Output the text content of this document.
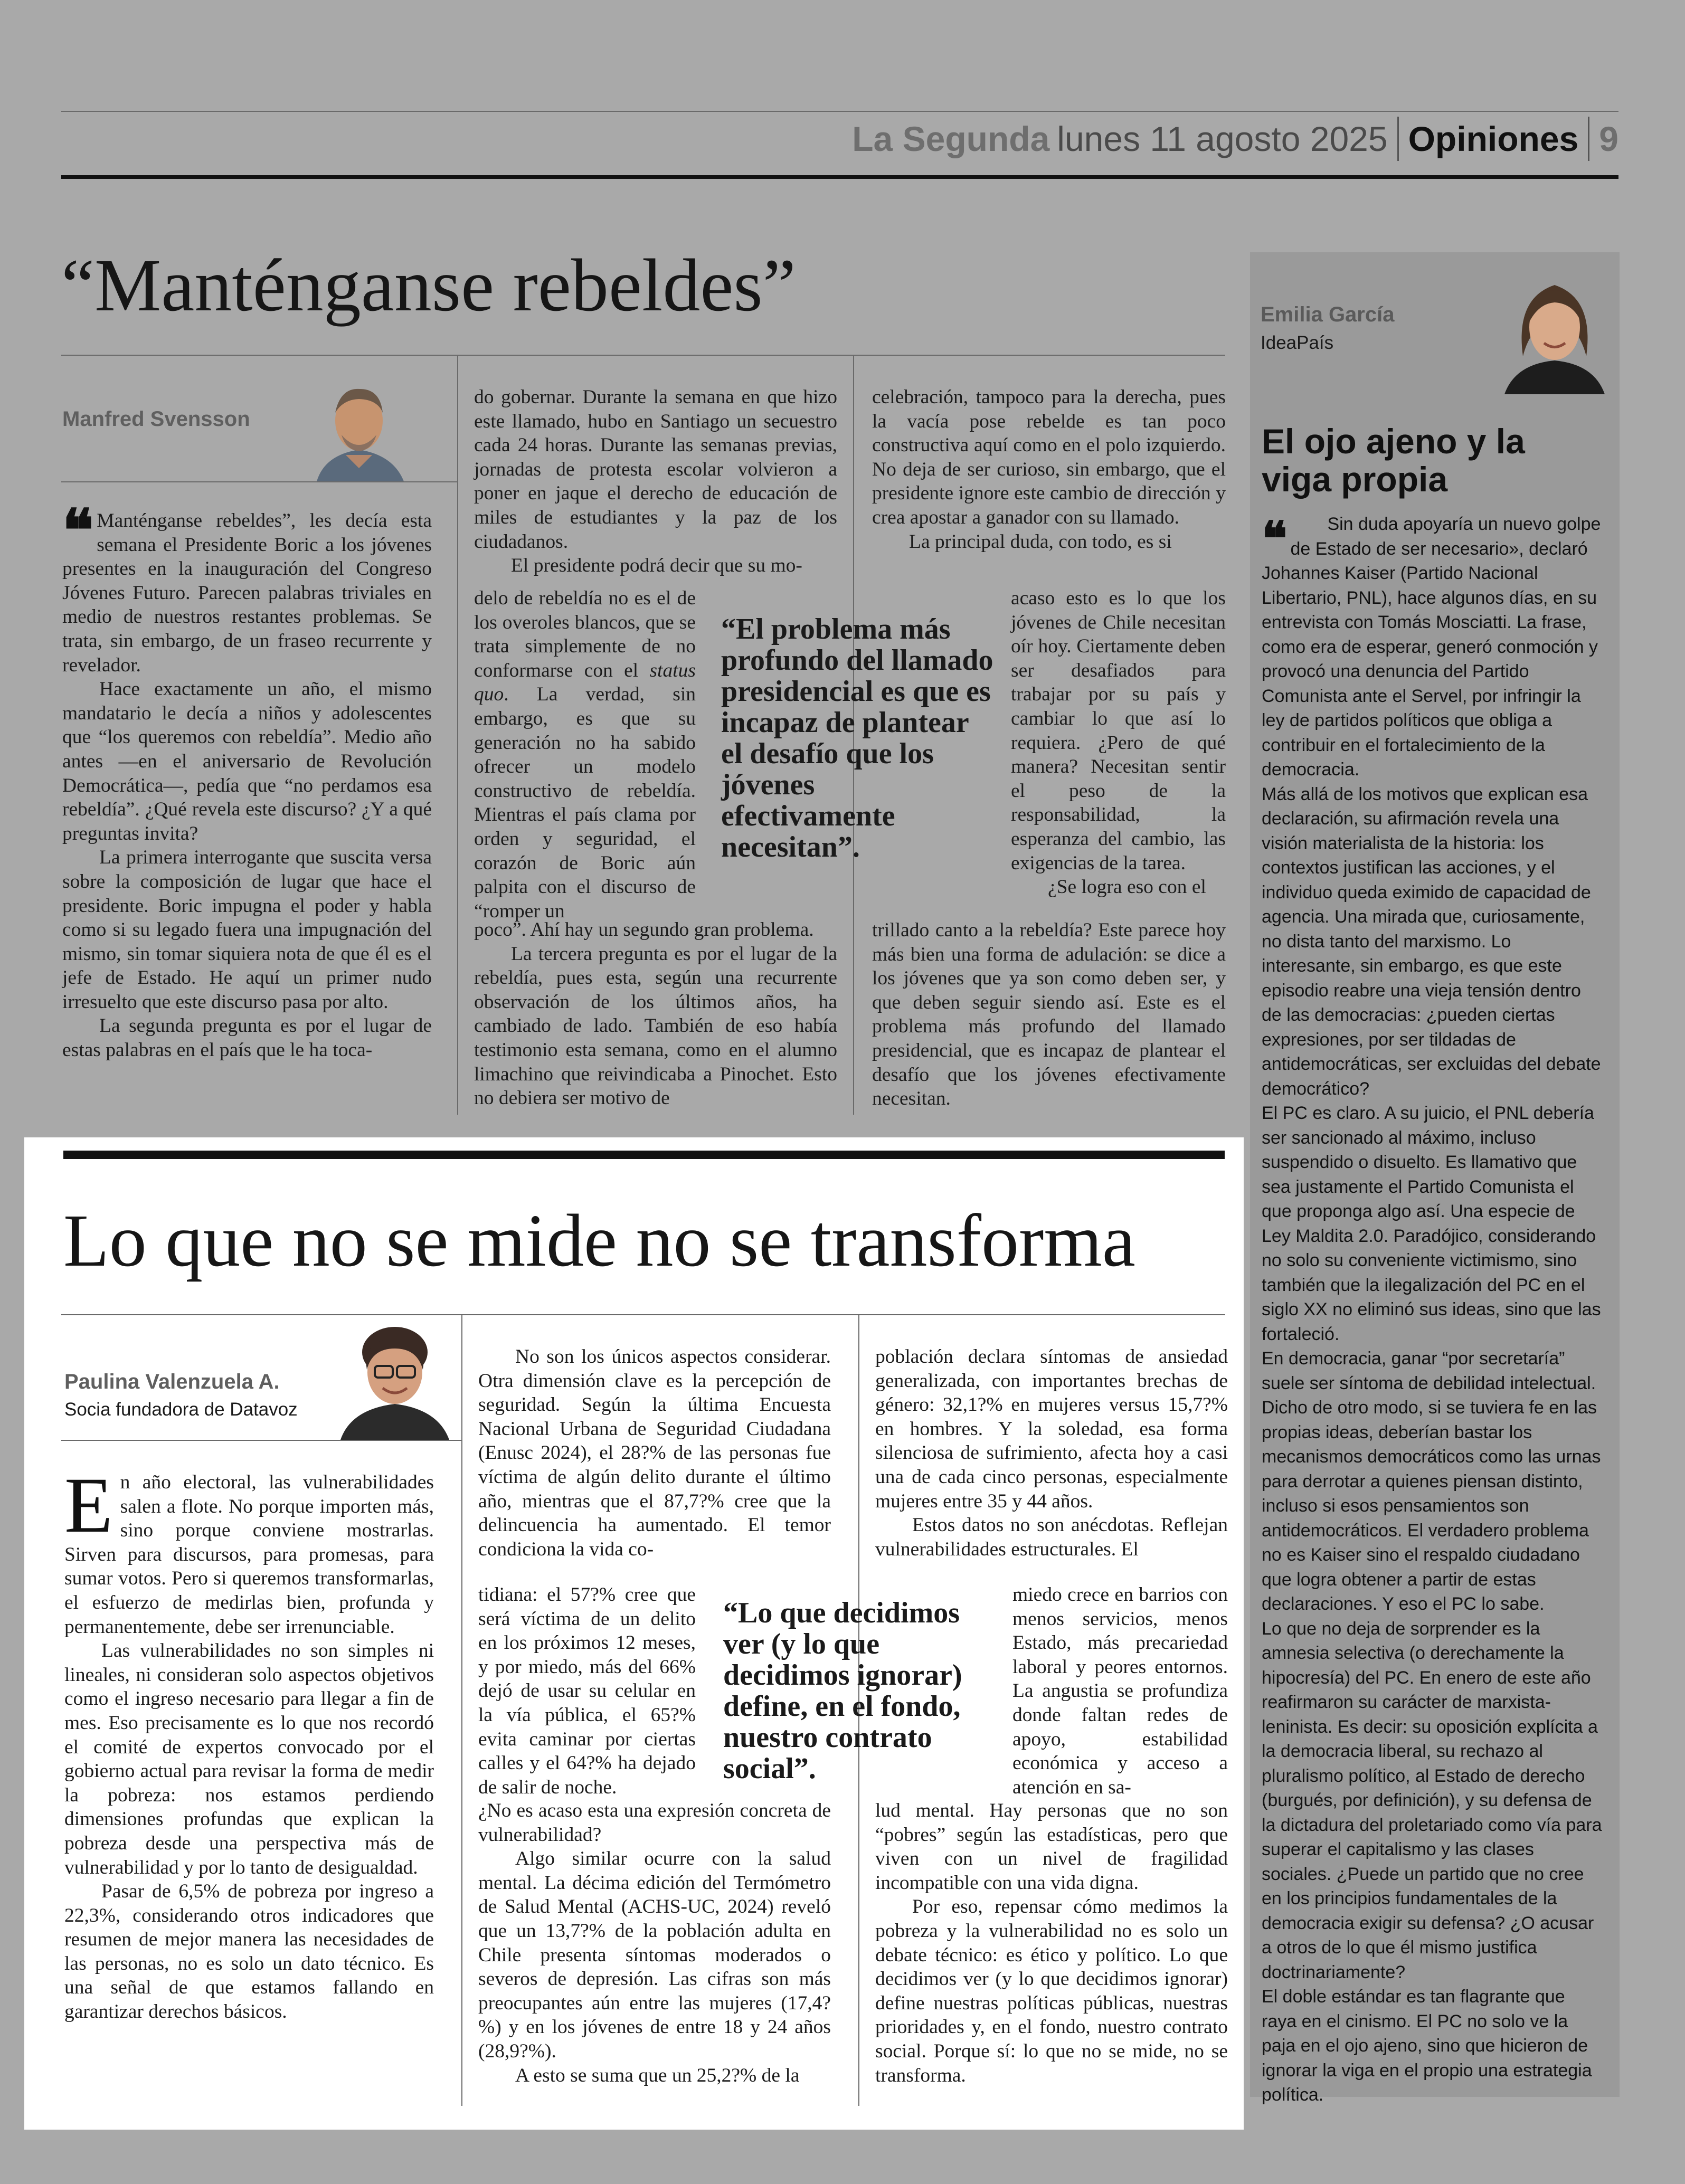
La Segunda lunes 11 agosto 2025 Opiniones 9
“Manténganse rebeldes”
Manfred Svensson
❝ Manténganse rebeldes”, les decía esta semana el Presidente Boric a los jóvenes presentes en la inauguración del Congreso Jóvenes Futuro. Parecen palabras triviales en medio de nuestros restantes problemas. Se trata, sin embargo, de un fraseo recurrente y revelador.

Hace exactamente un año, el mismo mandatario le decía a niños y adolescentes que “los queremos con rebeldía”. Medio año antes —en el aniversario de Revolución Democrática—, pedía que “no perdamos esa rebeldía”. ¿Qué revela este discurso? ¿Y a qué preguntas invita?

La primera interrogante que suscita versa sobre la composición de lugar que hace el presidente. Boric impugna el poder y habla como si su legado fuera una impugnación del mismo, sin tomar siquiera nota de que él es el jefe de Estado. He aquí un primer nudo irresuelto que este discurso pasa por alto.

La segunda pregunta es por el lugar de estas palabras en el país que le ha toca-

do gobernar. Durante la semana en que hizo este llamado, hubo en Santiago un secuestro cada 24 horas. Durante las semanas previas, jornadas de protesta escolar volvieron a poner en jaque el derecho de educación de miles de estudiantes y la paz de los ciudadanos.

El presidente podrá decir que su mo-

delo de rebeldía no es el de los overoles blancos, que se trata simplemente de no conformarse con el status quo. La verdad, sin embargo, es que su generación no ha sabido ofrecer un modelo constructivo de rebeldía. Mientras el país clama por orden y seguridad, el corazón de Boric aún palpita con el discurso de “romper un

poco”. Ahí hay un segundo gran problema.

La tercera pregunta es por el lugar de la rebeldía, pues esta, según una recurrente observación de los últimos años, ha cambiado de lado. También de eso había testimonio esta semana, como en el alumno limachino que reivindicaba a Pinochet. Esto no debiera ser motivo de

“El problema más profundo del llamado presidencial es que es incapaz de plantear el desafío que los jóvenes efectivamente necesitan”.

celebración, tampoco para la derecha, pues la vacía pose rebelde es tan poco constructiva aquí como en el polo izquierdo. No deja de ser curioso, sin embargo, que el presidente ignore este cambio de dirección y crea apostar a ganador con su llamado.

La principal duda, con todo, es si

acaso esto es lo que los jóvenes de Chile necesitan oír hoy. Ciertamente deben ser desafiados para trabajar por su país y cambiar lo que así lo requiera. ¿Pero de qué manera? Necesitan sentir el peso de la responsabilidad, la esperanza del cambio, las exigencias de la tarea.

¿Se logra eso con el

trillado canto a la rebeldía? Este parece hoy más bien una forma de adulación: se dice a los jóvenes que ya son como deben ser, y que deben seguir siendo así. Este es el problema más profundo del llamado presidencial, que es incapaz de plantear el desafío que los jóvenes efectivamente necesitan.

Lo que no se mide no se transforma
Paulina Valenzuela A.
Socia fundadora de Datavoz
E n año electoral, las vulnerabilidades salen a flote. No porque importen más, sino porque conviene mostrarlas. Sirven para discursos, para promesas, para sumar votos. Pero si queremos transformarlas, el esfuerzo de medirlas bien, profunda y permanentemente, debe ser irrenunciable.

Las vulnerabilidades no son simples ni lineales, ni consideran solo aspectos objetivos como el ingreso necesario para llegar a fin de mes. Eso precisamente es lo que nos recordó el comité de expertos convocado por el gobierno actual para revisar la forma de medir la pobreza: nos estamos perdiendo dimensiones profundas que explican la pobreza desde una perspectiva más de vulnerabilidad y por lo tanto de desigualdad.

Pasar de 6,5% de pobreza por ingreso a 22,3%, considerando otros indicadores que resumen de mejor manera las necesidades de las personas, no es solo un dato técnico. Es una señal de que estamos fallando en garantizar derechos básicos.

No son los únicos aspectos considerar. Otra dimensión clave es la percepción de seguridad. Según la última Encuesta Nacional Urbana de Seguridad Ciudadana (Enusc 2024), el 28?% de las personas fue víctima de algún delito durante el último año, mientras que el 87,7?% cree que la delincuencia ha aumentado. El temor condiciona la vida co-

tidiana: el 57?% cree que será víctima de un delito en los próximos 12 meses, y por miedo, más del 66% dejó de usar su celular en la vía pública, el 65?% evita caminar por ciertas calles y el 64?% ha dejado de salir de noche.

¿No es acaso esta una expresión concreta de vulnerabilidad?

Algo similar ocurre con la salud mental. La décima edición del Termómetro de Salud Mental (ACHS-UC, 2024) reveló que un 13,7?% de la población adulta en Chile presenta síntomas moderados o severos de depresión. Las cifras son más preocupantes aún entre las mujeres (17,4?%) y en los jóvenes de entre 18 y 24 años (28,9?%).

A esto se suma que un 25,2?% de la

“Lo que decidimos ver (y lo que decidimos ignorar) define, en el fondo, nuestro contrato social”.

población declara síntomas de ansiedad generalizada, con importantes brechas de género: 32,1?% en mujeres versus 15,7?% en hombres. Y la soledad, esa forma silenciosa de sufrimiento, afecta hoy a casi una de cada cinco personas, especialmente mujeres entre 35 y 44 años.

Estos datos no son anécdotas. Reflejan vulnerabilidades estructurales. El

miedo crece en barrios con menos servicios, menos Estado, más precariedad laboral y peores entornos. La angustia se profundiza donde faltan redes de apoyo, estabilidad económica y acceso a atención en sa-

lud mental. Hay personas que no son “pobres” según las estadísticas, pero que viven con un nivel de fragilidad incompatible con una vida digna.

Por eso, repensar cómo medimos la pobreza y la vulnerabilidad no es solo un debate técnico: es ético y político. Lo que decidimos ver (y lo que decidimos ignorar) define nuestras políticas públicas, nuestras prioridades y, en el fondo, nuestro contrato social. Porque sí: lo que no se mide, no se transforma.

Emilia García
IdeaPaís
El ojo ajeno y la viga propia
❝	Sin duda apoyaría un nuevo golpe de Estado de ser necesario», declaró Johannes Kaiser (Partido Nacional Libertario, PNL), hace algunos días, en su entrevista con Tomás Mosciatti. La frase, como era de esperar, generó conmoción y provocó una denuncia del Partido Comunista ante el Servel, por infringir la ley de partidos políticos que obliga a contribuir en el fortalecimiento de la democracia.

Más allá de los motivos que explican esa declaración, su afirmación revela una visión materialista de la historia: los contextos justifican las acciones, y el individuo queda eximido de capacidad de agencia. Una mirada que, curiosamente, no dista tanto del marxismo. Lo interesante, sin embargo, es que este episodio reabre una vieja tensión dentro de las democracias: ¿pueden ciertas expresiones, por ser tildadas de antidemocráticas, ser excluidas del debate democrático?

El PC es claro. A su juicio, el PNL debería ser sancionado al máximo, incluso suspendido o disuelto. Es llamativo que sea justamente el Partido Comunista el que proponga algo así. Una especie de Ley Maldita 2.0. Paradójico, considerando no solo su conveniente victimismo, sino también que la ilegalización del PC en el siglo XX no eliminó sus ideas, sino que las fortaleció.

En democracia, ganar “por secretaría” suele ser síntoma de debilidad intelectual. Dicho de otro modo, si se tuviera fe en las propias ideas, deberían bastar los mecanismos democráticos como las urnas para derrotar a quienes piensan distinto, incluso si esos pensamientos son antidemocráticos. El verdadero problema no es Kaiser sino el respaldo ciudadano que logra obtener a partir de estas declaraciones. Y eso el PC lo sabe.

Lo que no deja de sorprender es la amnesia selectiva (o derechamente la hipocresía) del PC. En enero de este año reafirmaron su carácter de marxista-leninista. Es decir: su oposición explícita a la democracia liberal, su rechazo al pluralismo político, al Estado de derecho (burgués, por definición), y su defensa de la dictadura del proletariado como vía para superar el capitalismo y las clases sociales. ¿Puede un partido que no cree en los principios fundamentales de la democracia exigir su defensa? ¿O acusar a otros de lo que él mismo justifica doctrinariamente?

El doble estándar es tan flagrante que raya en el cinismo. El PC no solo ve la paja en el ojo ajeno, sino que hicieron de ignorar la viga en el propio una estrategia política.
